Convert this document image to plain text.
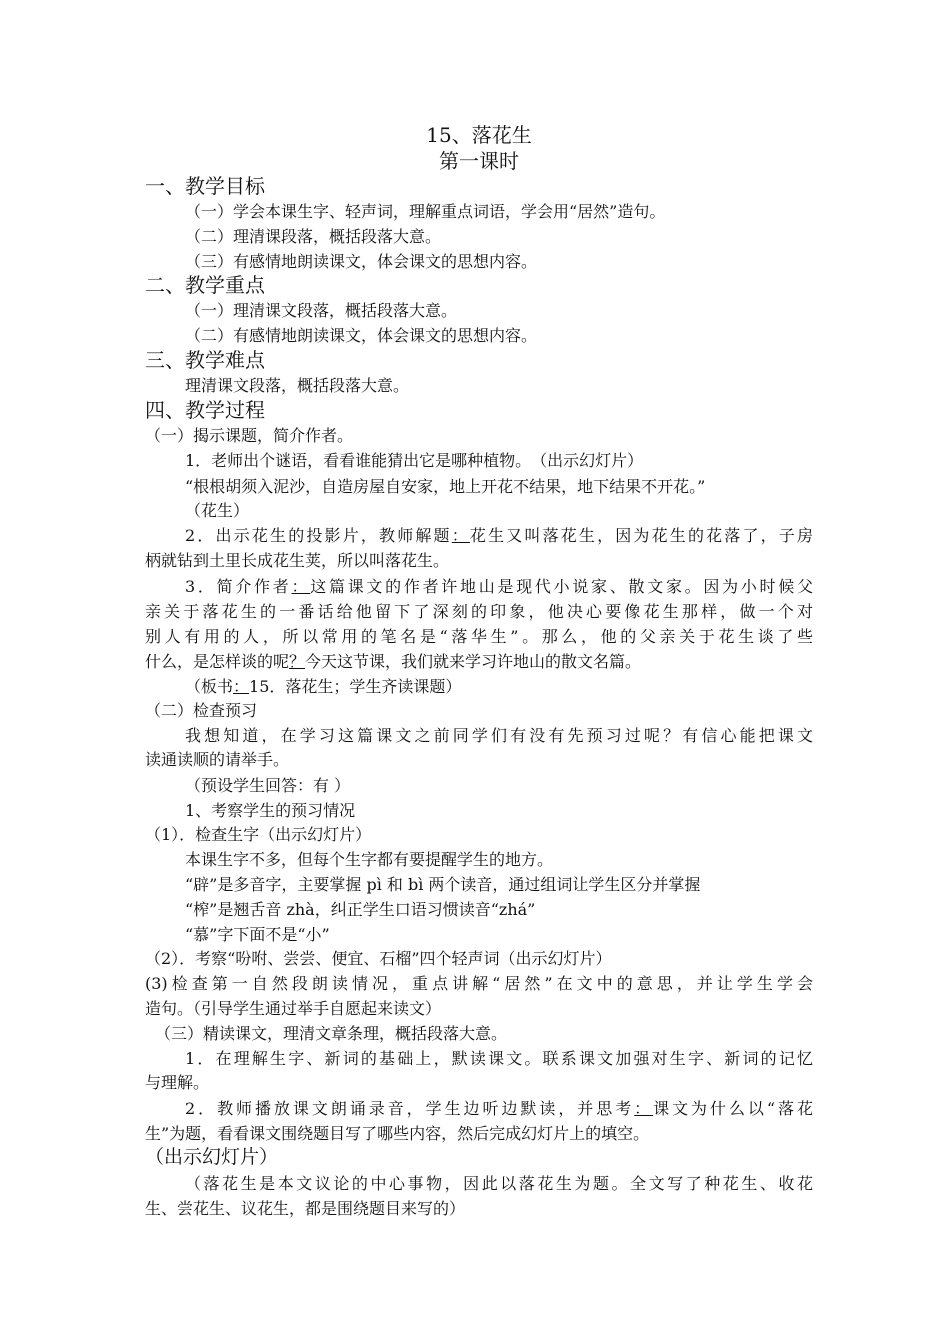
15、落花生
第一课时
一、教学目标
（一）学会本课生字、轻声词，理解重点词语，学会用“居然”造句。
（二）理清课段落，概括段落大意。
（三）有感情地朗读课文，体会课文的思想内容。
二、教学重点
（一）理清课文段落，概括段落大意。
（二）有感情地朗读课文，体会课文的思想内容。
三、教学难点
理清课文段落，概括段落大意。
四、教学过程
（一）揭示课题，简介作者。
1．老师出个谜语，看看谁能猜出它是哪种植物。　（出示幻灯片）
“根根胡须入泥沙，自造房屋自安家，地上开花不结果，地下结果不开花。”
（花生）
2．出示花生的投影片，教师解题：花生又叫落花生，因为花生的花落了，子房
柄就钻到土里长成花生荚，所以叫落花生。
3．简介作者：这篇课文的作者许地山是现代小说家、散文家。因为小时候父
亲关于落花生的一番话给他留下了深刻的印象，他决心要像花生那样，做一个对
别人有用的人，所以常用的笔名是“落华生”。那么，他的父亲关于花生谈了些
什么，是怎样谈的呢？今天这节课，我们就来学习许地山的散文名篇。
（板书：15．落花生；学生齐读课题）
（二）检查预习
我想知道，在学习这篇课文之前同学们有没有先预习过呢？有信心能把课文
读通读顺的请举手。
（预设学生回答：有 ）
1、考察学生的预习情况
（1）．检查生字（出示幻灯片）
本课生字不多，但每个生字都有要提醒学生的地方。
“辟”是多音字，主要掌握 pì 和 bì 两个读音，通过组词让学生区分并掌握
“榨”是翘舌音 zhà，纠正学生口语习惯读音“zhá”
“慕”字下面不是“小”
（2）．考察“吩咐、尝尝、便宜、石榴”四个轻声词（出示幻灯片）
(3)检查第一自然段朗读情况，重点讲解“居然”在文中的意思，并让学生学会
造句。（引导学生通过举手自愿起来读文）
（三）精读课文，理清文章条理，概括段落大意。
1．在理解生字、新词的基础上，默读课文。联系课文加强对生字、新词的记忆
与理解。
2．教师播放课文朗诵录音，学生边听边默读，并思考：课文为什么以“落花
生”为题，看看课文围绕题目写了哪些内容，然后完成幻灯片上的填空。
（出示幻灯片）
（落花生是本文议论的中心事物，因此以落花生为题。全文写了种花生、收花
生、尝花生、议花生，都是围绕题目来写的）
